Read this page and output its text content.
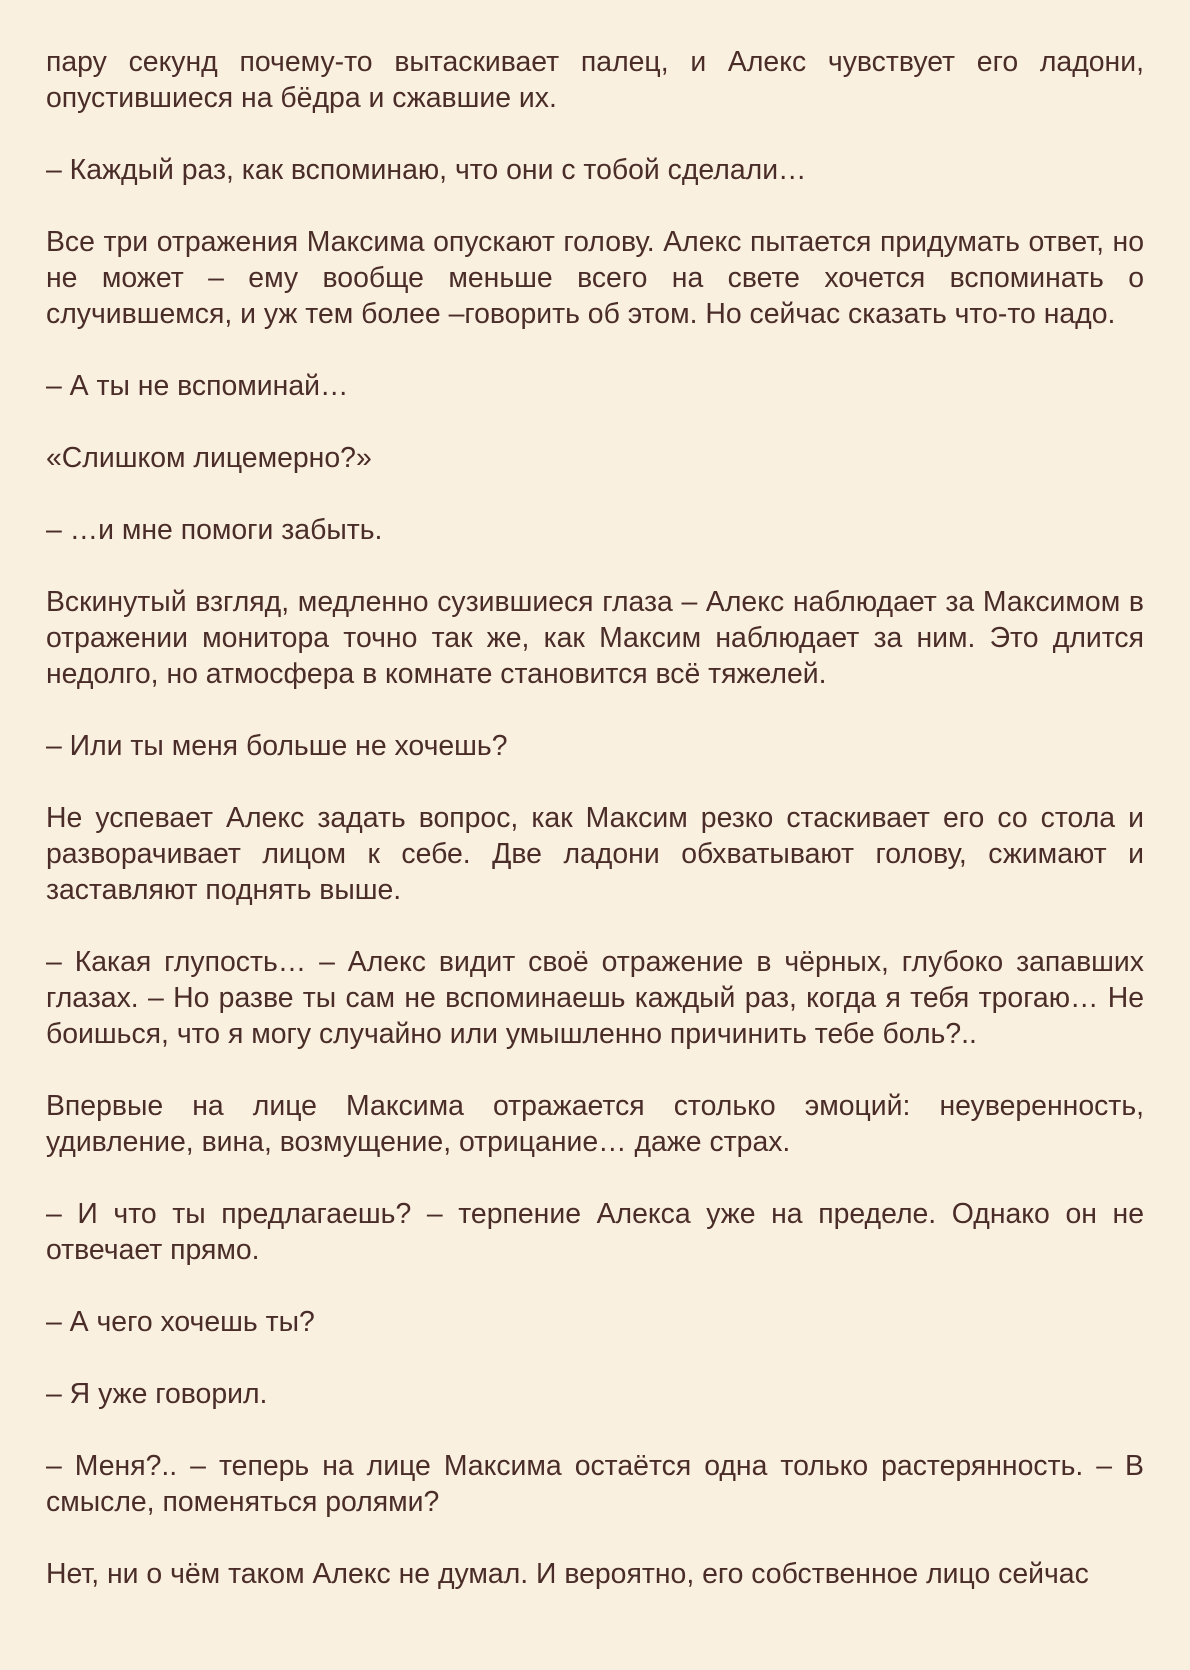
пару секунд почему-то вытаскивает палец, и Алекс чувствует его ладони, опустившиеся на бёдра и сжавшие их.

– Каждый раз, как вспоминаю, что они с тобой сделали…

Все три отражения Максима опускают голову. Алекс пытается придумать ответ, но не может – ему вообще меньше всего на свете хочется вспоминать о случившемся, и уж тем более –говорить об этом. Но сейчас сказать что-то надо.

– А ты не вспоминай…

«Слишком лицемерно?»

– …и мне помоги забыть.

Вскинутый взгляд, медленно сузившиеся глаза – Алекс наблюдает за Максимом в отражении монитора точно так же, как Максим наблюдает за ним. Это длится недолго, но атмосфера в комнате становится всё тяжелей.

– Или ты меня больше не хочешь?

Не успевает Алекс задать вопрос, как Максим резко стаскивает его со стола и разворачивает лицом к себе. Две ладони обхватывают голову, сжимают и заставляют поднять выше.

– Какая глупость… – Алекс видит своё отражение в чёрных, глубоко запавших глазах. – Но разве ты сам не вспоминаешь каждый раз, когда я тебя трогаю… Не боишься, что я могу случайно или умышленно причинить тебе боль?..

Впервые на лице Максима отражается столько эмоций: неуверенность, удивление, вина, возмущение, отрицание… даже страх.

– И что ты предлагаешь? – терпение Алекса уже на пределе. Однако он не отвечает прямо.

– А чего хочешь ты?

– Я уже говорил.

– Меня?.. – теперь на лице Максима остаётся одна только растерянность. – В смысле, поменяться ролями?

Нет, ни о чём таком Алекс не думал. И вероятно, его собственное лицо сейчас
